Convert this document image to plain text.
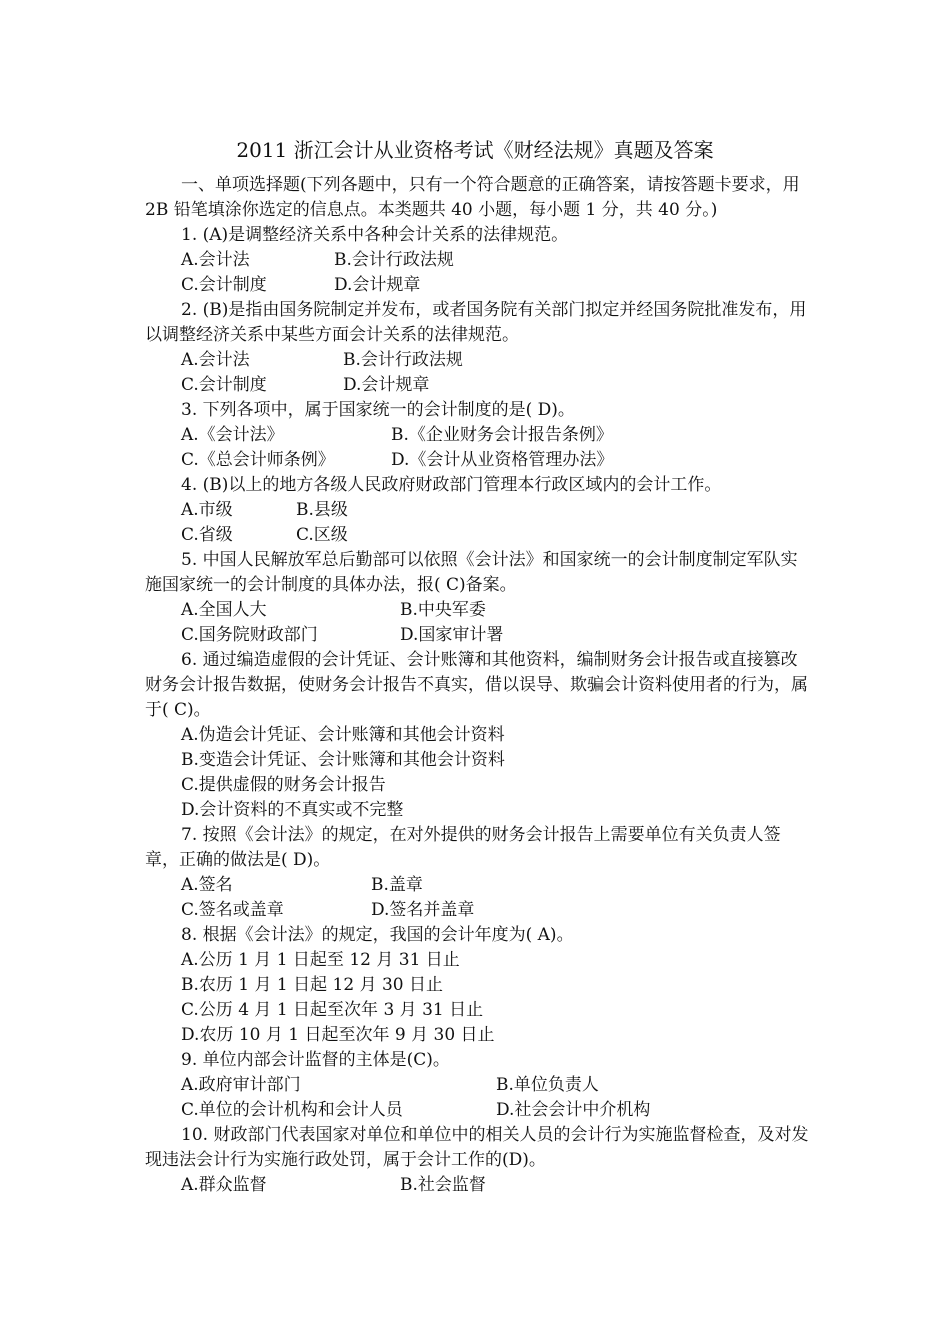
2011 浙江会计从业资格考试《财经法规》真题及答案

一、单项选择题(下列各题中，只有一个符合题意的正确答案，请按答题卡要求，用 2B 铅笔填涂你选定的信息点。本类题共 40 小题，每小题 1 分，共 40 分。)

1. (A)是调整经济关系中各种会计关系的法律规范。
A.会计法	B.会计行政法规
C.会计制度	D.会计规章

2. (B)是指由国务院制定并发布，或者国务院有关部门拟定并经国务院批准发布，用以调整经济关系中某些方面会计关系的法律规范。

A.会计法	B.会计行政法规
C.会计制度	D.会计规章
3. 下列各项中，属于国家统一的会计制度的是( D)。
A.《会计法》	B.《企业财务会计报告条例》
C.《总会计师条例》	D.《会计从业资格管理办法》
4. (B)以上的地方各级人民政府财政部门管理本行政区域内的会计工作。
A.市级	B.县级
C.省级	C.区级

5. 中国人民解放军总后勤部可以依照《会计法》和国家统一的会计制度制定军队实施国家统一的会计制度的具体办法，报( C)备案。

A.全国人大	B.中央军委
C.国务院财政部门	D.国家审计署

6. 通过编造虚假的会计凭证、会计账簿和其他资料，编制财务会计报告或直接篡改财务会计报告数据，使财务会计报告不真实，借以误导、欺骗会计资料使用者的行为，属于( C)。

A.伪造会计凭证、会计账簿和其他会计资料
B.变造会计凭证、会计账簿和其他会计资料
C.提供虚假的财务会计报告
D.会计资料的不真实或不完整

7. 按照《会计法》的规定，在对外提供的财务会计报告上需要单位有关负责人签章，正确的做法是( D)。

A.签名	B.盖章
C.签名或盖章	D.签名并盖章
8. 根据《会计法》的规定，我国的会计年度为( A)。
A.公历 1 月 1 日起至 12 月 31 日止
B.农历 1 月 1 日起 12 月 30 日止
C.公历 4 月 1 日起至次年 3 月 31 日止
D.农历 10 月 1 日起至次年 9 月 30 日止
9. 单位内部会计监督的主体是(C)。
A.政府审计部门	B.单位负责人
C.单位的会计机构和会计人员	D.社会会计中介机构

10. 财政部门代表国家对单位和单位中的相关人员的会计行为实施监督检查，及对发现违法会计行为实施行政处罚，属于会计工作的(D)。

A.群众监督	B.社会监督
